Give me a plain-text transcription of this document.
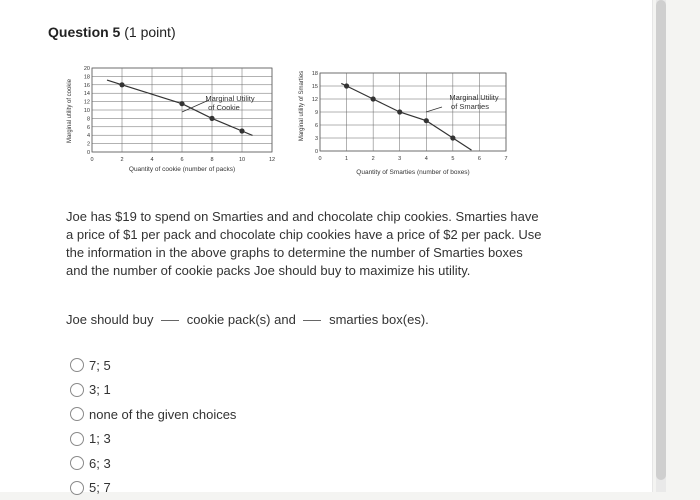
Question 5 (1 point)
Marginal utility of cookie
20
18
16
14
12
10
8
6
4
2
0
0	2	4	6	8	10	12
Marginal Utility
of Cookie
Quantity of cookie (number of packs)
Marginal utility of Smarties 18
15
12
9
6
3
0
0	1	2	3	4	5	6	7
Marginal Utility
of Smarties
Quantity of Smarties (number of boxes)
Joe has $19 to spend on Smarties and and chocolate chip cookies. Smarties have a price of $1 per pack and chocolate chip cookies have a price of $2 per pack. Use the information in the above graphs to determine the number of Smarties boxes and the number of cookie packs Joe should buy to maximize his utility.
Joe should buy	cookie pack(s) and	smarties box(es).
7; 5
3; 1
none of the given choices
1; 3
6; 3
5; 7
